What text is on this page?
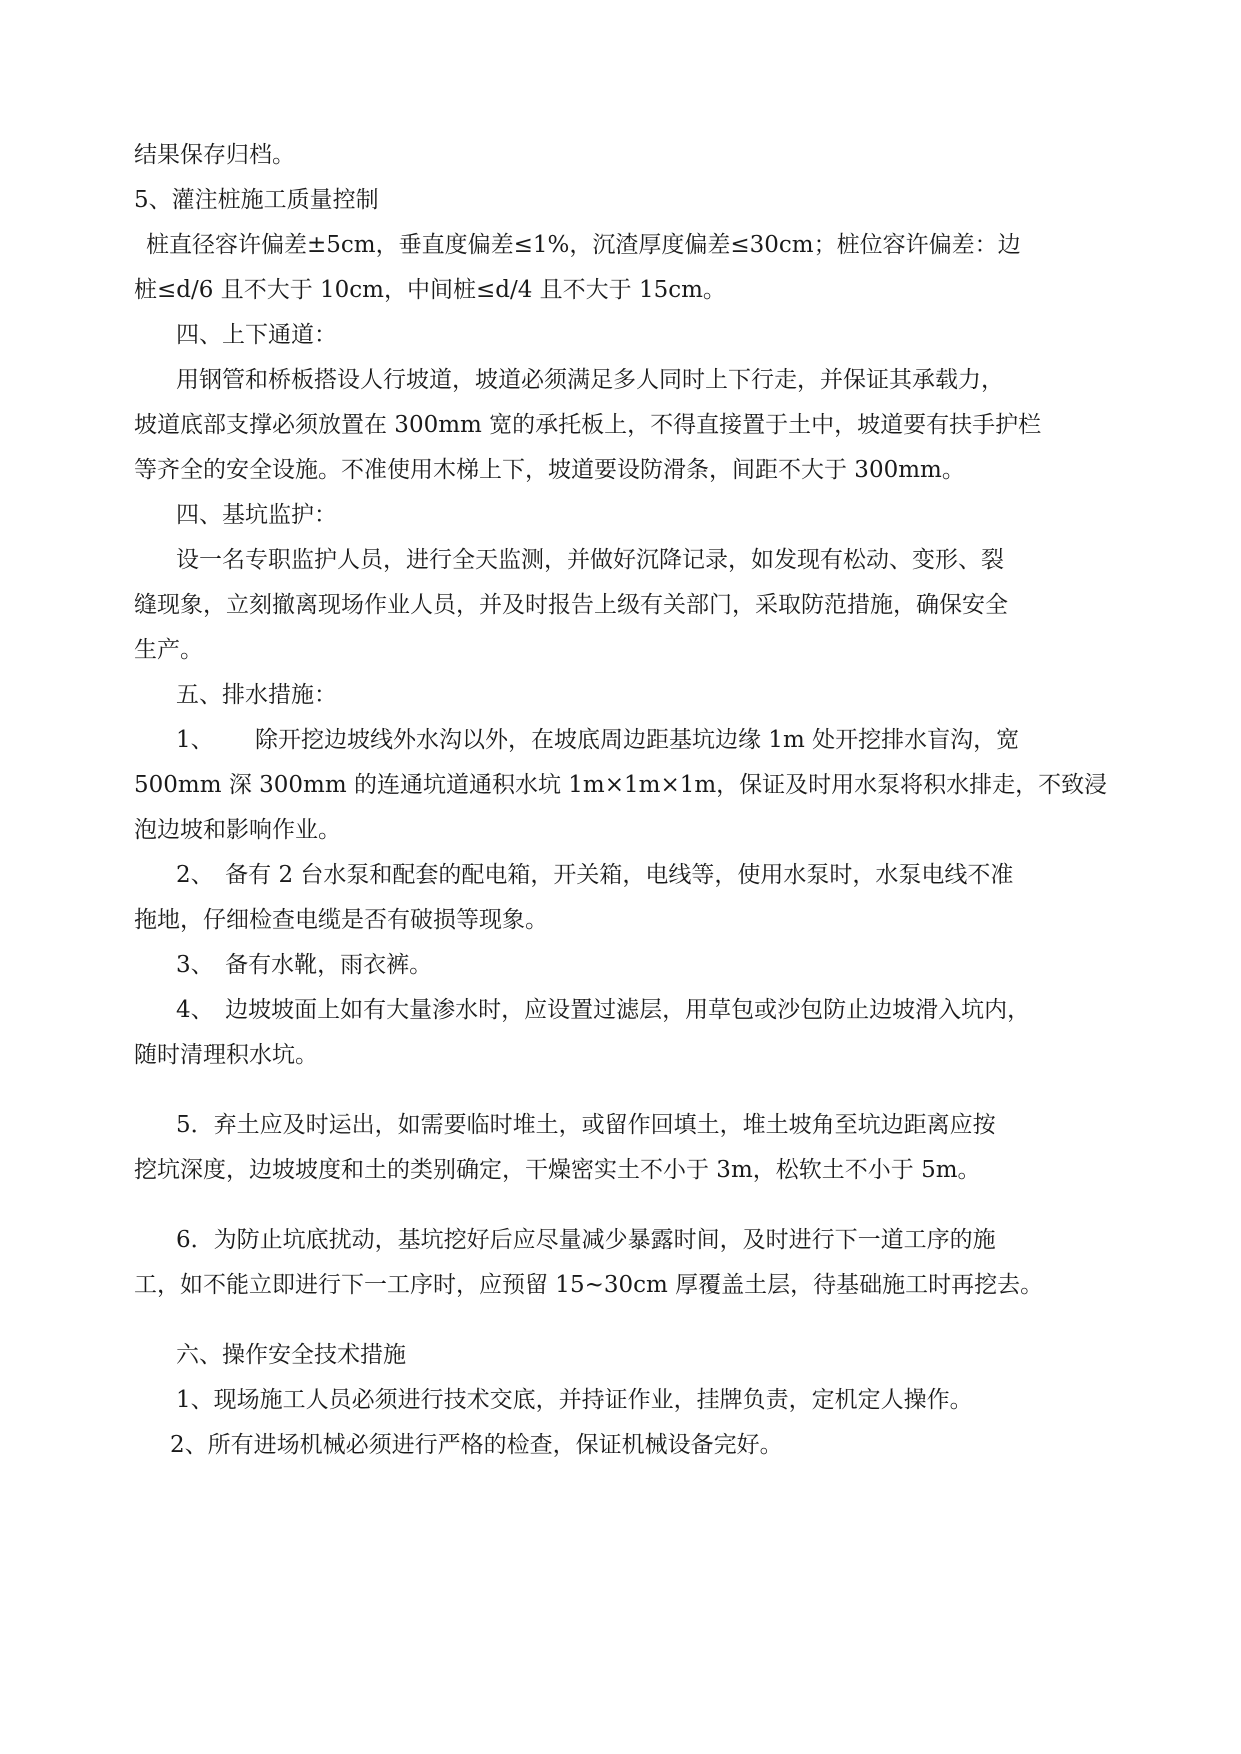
结果保存归档。
5、灌注桩施工质量控制
桩直径容许偏差±5cm，垂直度偏差≤1%，沉渣厚度偏差≤30cm；桩位容许偏差：边
桩≤d/6 且不大于 10cm，中间桩≤d/4 且不大于 15cm。
四、上下通道：
用钢管和桥板搭设人行坡道，坡道必须满足多人同时上下行走，并保证其承载力，
坡道底部支撑必须放置在 300mm 宽的承托板上，不得直接置于土中，坡道要有扶手护栏
等齐全的安全设施。不准使用木梯上下，坡道要设防滑条，间距不大于 300mm。
四、基坑监护：
设一名专职监护人员，进行全天监测，并做好沉降记录，如发现有松动、变形、裂
缝现象，立刻撤离现场作业人员，并及时报告上级有关部门，采取防范措施，确保安全
生产。
五、排水措施：
1、 除开挖边坡线外水沟以外，在坡底周边距基坑边缘 1m 处开挖排水盲沟，宽
500mm 深 300mm 的连通坑道通积水坑 1m×1m×1m，保证及时用水泵将积水排走，不致浸
泡边坡和影响作业。
2、　备有 2 台水泵和配套的配电箱，开关箱，电线等，使用水泵时，水泵电线不准
拖地，仔细检查电缆是否有破损等现象。
3、　备有水靴，雨衣裤。
4、　边坡坡面上如有大量渗水时，应设置过滤层，用草包或沙包防止边坡滑入坑内，
随时清理积水坑。
5．弃土应及时运出，如需要临时堆土，或留作回填土，堆土坡角至坑边距离应按
挖坑深度，边坡坡度和土的类别确定，干燥密实土不小于 3m，松软土不小于 5m。
6．为防止坑底扰动，基坑挖好后应尽量减少暴露时间，及时进行下一道工序的施
工，如不能立即进行下一工序时，应预留 15~30cm 厚覆盖土层，待基础施工时再挖去。
六、操作安全技术措施
1、现场施工人员必须进行技术交底，并持证作业，挂牌负责，定机定人操作。
2、所有进场机械必须进行严格的检查，保证机械设备完好。
